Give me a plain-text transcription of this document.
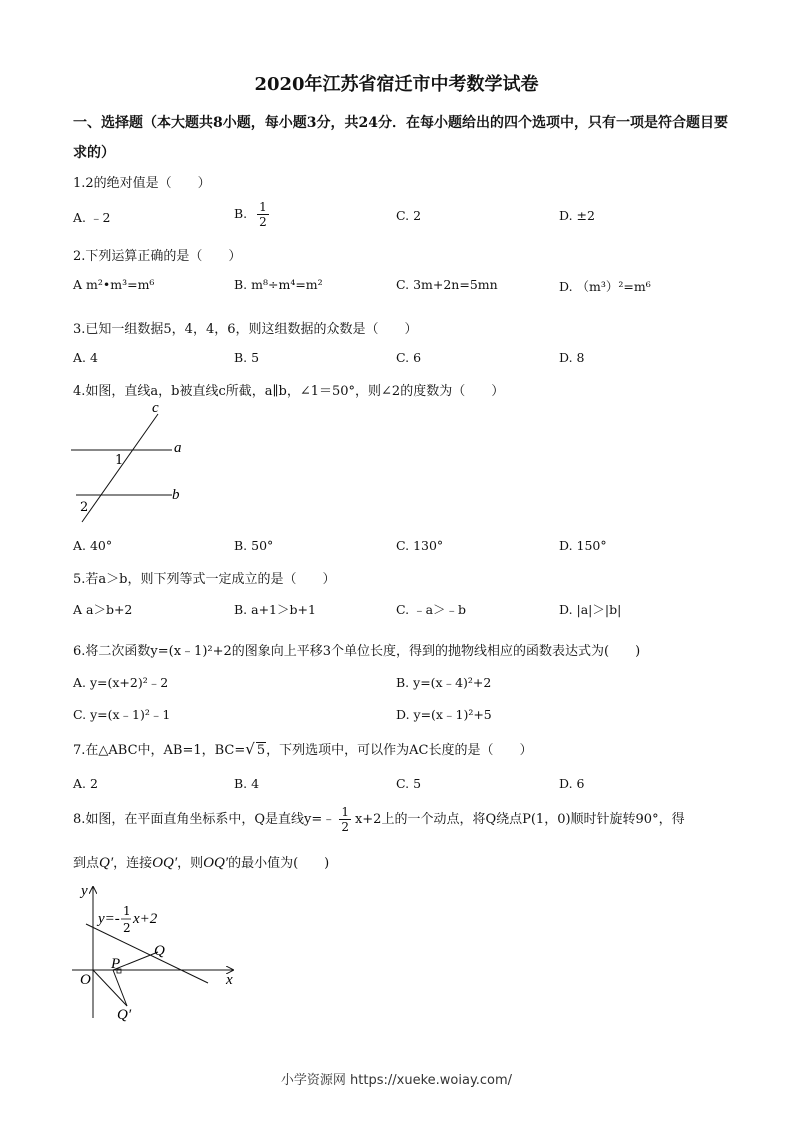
2020年江苏省宿迁市中考数学试卷
一、选择题（本大题共8小题，每小题3分，共24分．在每小题给出的四个选项中，只有一项是符合题目要求的）
1.2的绝对值是（　　）
A. ﹣2	B. $\frac{1}{2}$	C. 2	D. ±2
2.下列运算正确的是（　　）
A m²•m³=m⁶	B. m⁸÷m⁴=m²	C. 3m+2n=5mn	D. （m³）²=m⁶
3.已知一组数据5，4，4，6，则这组数据的众数是（　　）
A. 4	B. 5	C. 6	D. 8
4.如图，直线a，b被直线c所截，a∥b，∠1＝50°，则∠2的度数为（　　）
c
a
b
1
2
A. 40°	B. 50°	C. 130°	D. 150°
5.若a＞b，则下列等式一定成立的是（　　）
A a＞b+2	B. a+1＞b+1	C. ﹣a＞﹣b	D. |a|＞|b|
6.将二次函数y=(x﹣1)²+2的图象向上平移3个单位长度，得到的抛物线相应的函数表达式为(　　)
A. y=(x+2)²﹣2	B. y=(x﹣4)²+2
C. y=(x﹣1)²﹣1	D. y=(x﹣1)²+5
7.在△ABC中，AB=1，BC=√ 5，下列选项中，可以作为AC长度的是（　　）
A. 2	B. 4	C. 5	D. 6
8.如图，在平面直角坐标系中，Q是直线y=﹣ $\frac{1}{2} x+2$上的一个动点，将Q绕点P(1，0)顺时针旋转90°，得
到点Q′，连接OQ′，则OQ′的最小值为(　　)
y
x
O
P
Q
Q′
y=- 1
2
x+2
小学资源网 https://xueke.woiay.com/
